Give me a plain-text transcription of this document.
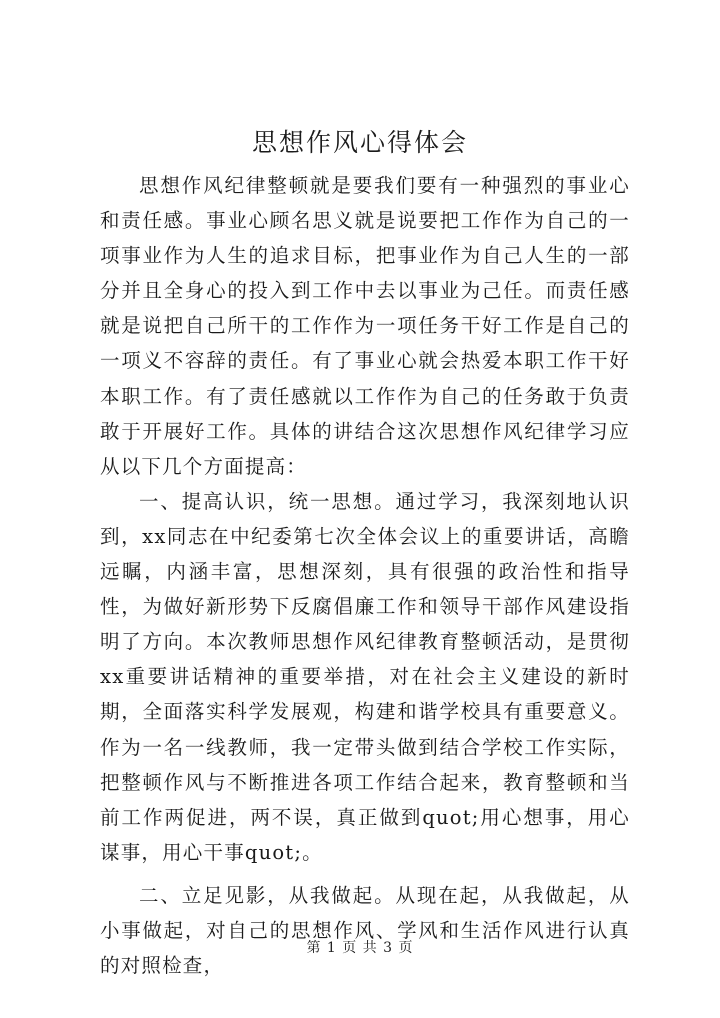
思想作风心得体会

思想作风纪律整顿就是要我们要有一种强烈的事业心和责任感。事业心顾名思义就是说要把工作作为自己的一项事业作为人生的追求目标，把事业作为自己人生的一部分并且全身心的投入到工作中去以事业为己任。而责任感就是说把自己所干的工作作为一项任务干好工作是自己的一项义不容辞的责任。有了事业心就会热爱本职工作干好本职工作。有了责任感就以工作作为自己的任务敢于负责敢于开展好工作。具体的讲结合这次思想作风纪律学习应从以下几个方面提高：

一、提高认识，统一思想。通过学习，我深刻地认识到，xx同志在中纪委第七次全体会议上的重要讲话，高瞻远瞩，内涵丰富，思想深刻，具有很强的政治性和指导性，为做好新形势下反腐倡廉工作和领导干部作风建设指明了方向。本次教师思想作风纪律教育整顿活动，是贯彻xx重要讲话精神的重要举措，对在社会主义建设的新时期，全面落实科学发展观，构建和谐学校具有重要意义。作为一名一线教师，我一定带头做到结合学校工作实际，把整顿作风与不断推进各项工作结合起来，教育整顿和当前工作两促进，两不误，真正做到quot;用心想事，用心谋事，用心干事quot;。

二、立足见影，从我做起。从现在起，从我做起，从小事做起，对自己的思想作风、学风和生活作风进行认真的对照检查，

第 1 页 共 3 页
